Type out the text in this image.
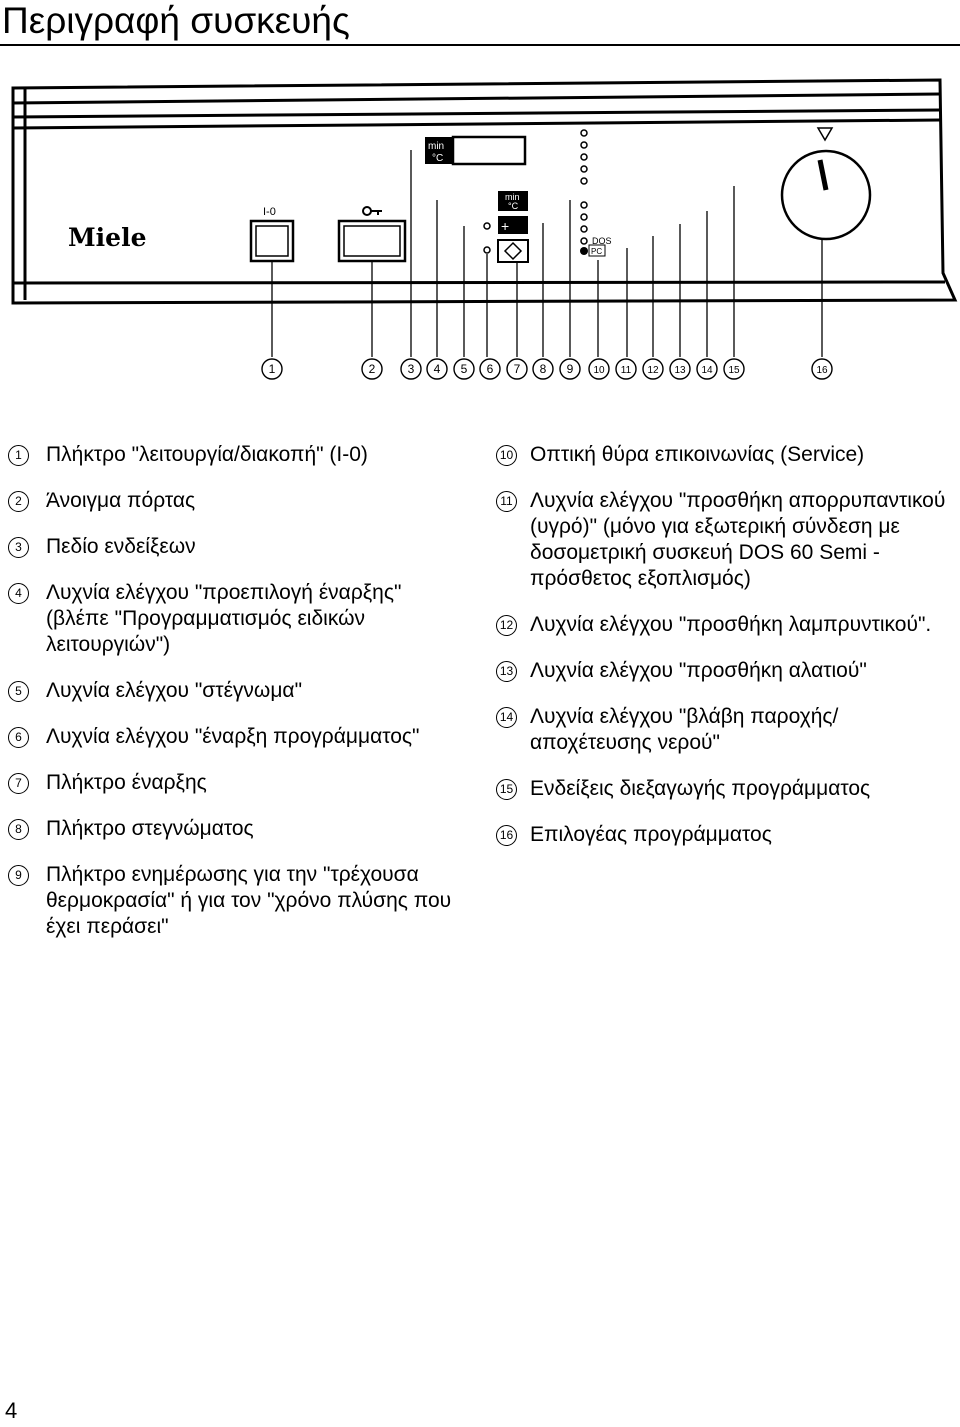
Περιγραφή συσκευής
Miele
I-0
min
°C
min
°C
+
DOS
PC
1	2	3 4 5 6 7 8 9 10 11 12 13 14 15	16
1	Πλήκτρο "λειτουργία/διακοπή" (I-0)
2	Άνοιγμα πόρτας
3	Πεδίο ενδείξεων
4	Λυχνία ελέγχου "προεπιλογή έναρξης" (βλέπε "Προγραμματισμός ειδικών λειτουργιών")
5	Λυχνία ελέγχου "στέγνωμα"
6	Λυχνία ελέγχου "έναρξη προγράμματος"
7	Πλήκτρο έναρξης
8	Πλήκτρο στεγνώματος
9	Πλήκτρο ενημέρωσης για την "τρέχουσα θερμοκρασία" ή για τον "χρόνο πλύσης που έχει περάσει"
10 Οπτική θύρα επικοινωνίας (Service)
11 Λυχνία ελέγχου "προσθήκη απορρυπαντικού (υγρό)" (μόνο για εξωτερική σύνδεση με δοσομετρική συσκευή DOS 60 Semi - πρόσθετος εξοπλισμός)
12 Λυχνία ελέγχου "προσθήκη λαμπρυντικού".
13 Λυχνία ελέγχου "προσθήκη αλατιού"
14 Λυχνία ελέγχου "βλάβη παροχής/αποχέτευσης νερού"
15 Ενδείξεις διεξαγωγής προγράμματος
16 Επιλογέας προγράμματος
4
